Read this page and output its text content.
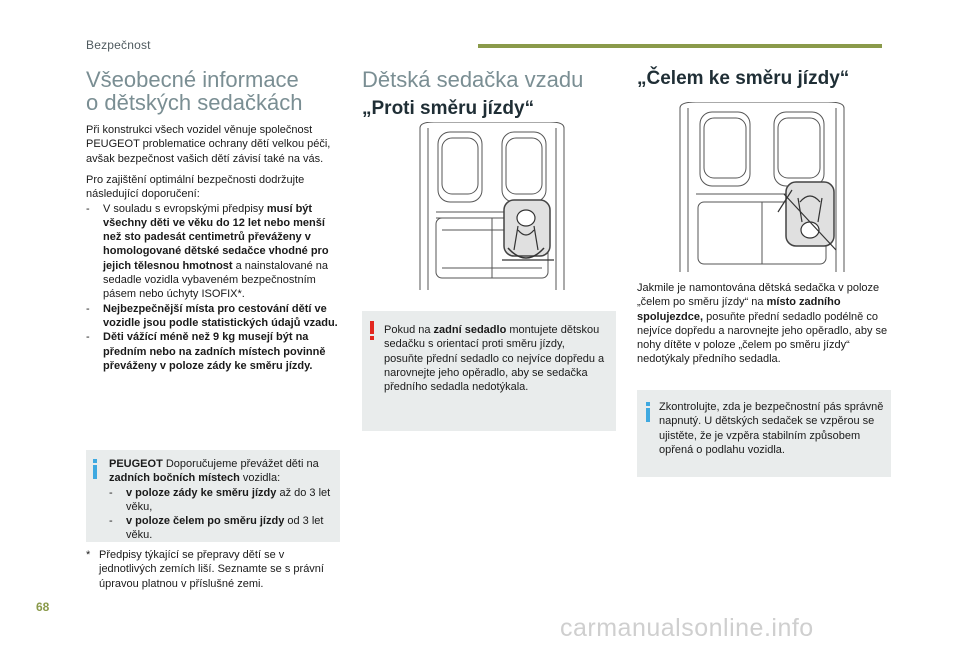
Bezpečnost
Všeobecné informace
o dětských sedačkách

Při konstrukci všech vozidel věnuje společnost PEUGEOT problematice ochrany dětí velkou péči, avšak bezpečnost vašich dětí závisí také na vás.

Pro zajištění optimální bezpečnosti dodržujte následující doporučení:

- V souladu s evropskými předpisy musí být všechny děti ve věku do 12 let nebo menší než sto padesát centimetrů převáženy v homologované dětské sedačce vhodné pro jejich tělesnou hmotnost a nainstalované na sedadle vozidla vybaveném bezpečnostním pásem nebo úchyty ISOFIX*.
- Nejbezpečnější místa pro cestování dětí ve vozidle jsou podle statistických údajů vzadu.
- Děti vážící méně než 9 kg musejí být na předním nebo na zadních místech povinně převáženy v poloze zády ke směru jízdy.

PEUGEOT Doporučujeme převážet děti na zadních bočních místech vozidla:

- v poloze zády ke směru jízdy až do 3 let věku,
- v poloze čelem po směru jízdy od 3 let věku.
* Předpisy týkající se přepravy dětí se v jednotlivých zemích liší. Seznamte se s právní úpravou platnou v příslušné zemi.

68
Dětská sedačka vzadu
„Proti směru jízdy“

Pokud na zadní sedadlo montujete dětskou sedačku s orientací proti směru jízdy, posuňte přední sedadlo co nejvíce dopředu a narovnejte jeho opěradlo, aby se sedačka předního sedadla nedotýkala.

„Čelem ke směru jízdy“

Jakmile je namontována dětská sedačka v poloze „čelem po směru jízdy“ na místo zadního spolujezdce, posuňte přední sedadlo podélně co nejvíce dopředu a narovnejte jeho opěradlo, aby se nohy dítěte v poloze „čelem po směru jízdy“ nedotýkaly předního sedadla.

Zkontrolujte, zda je bezpečnostní pás správně napnutý. U dětských sedaček se vzpěrou se ujistěte, že je vzpěra stabilním způsobem opřená o podlahu vozidla.

carmanualsonline.info
